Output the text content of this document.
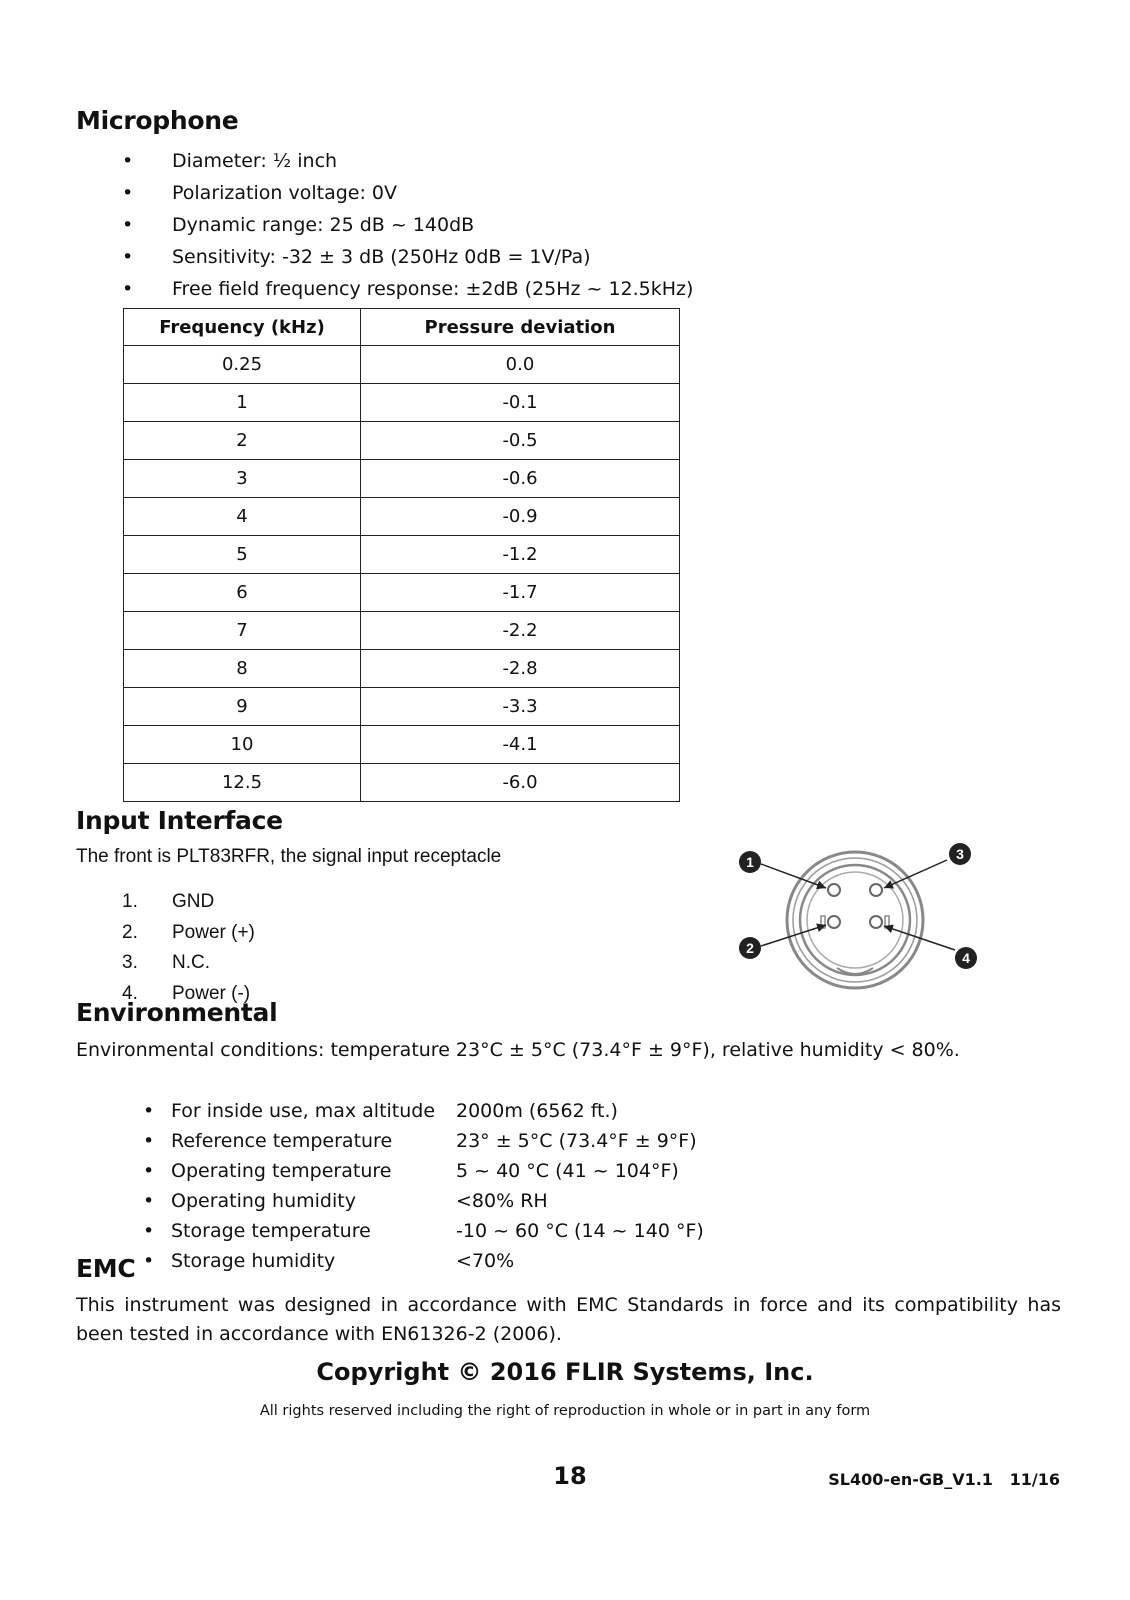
Microphone
• Diameter: ½ inch
• Polarization voltage: 0V
• Dynamic range: 25 dB ~ 140dB
• Sensitivity: -32 ± 3 dB (250Hz 0dB = 1V/Pa)
• Free field frequency response: ±2dB (25Hz ~ 12.5kHz)
Frequency (kHz)	Pressure deviation
0.25	0.0
1	-0.1
2	-0.5
3	-0.6
4	-0.9
5	-1.2
6	-1.7
7	-2.2
8	-2.8
9	-3.3
10	-4.1
12.5	-6.0
Input Interface
The front is PLT83RFR, the signal input receptacle
1. GND
2. Power (+)
3. N.C.
4. Power (-)
1
2
3
4
Environmental
Environmental conditions: temperature 23°C ± 5°C (73.4°F ± 9°F), relative humidity < 80%.
• For inside use, max altitude 2000m (6562 ft.)
• Reference temperature	23° ± 5°C (73.4°F ± 9°F)
• Operating temperature	5 ~ 40 °C (41 ~ 104°F)
• Operating humidity	<80% RH
• Storage temperature	-10 ~ 60 °C (14 ~ 140 °F)
• Storage humidity	<70%
EMC
This instrument was designed in accordance with EMC Standards in force and its compatibility has
been tested in accordance with EN61326-2 (2006).
Copyright © 2016 FLIR Systems, Inc.
All rights reserved including the right of reproduction in whole or in part in any form
18	SL400-en-GB_V1.1   11/16
